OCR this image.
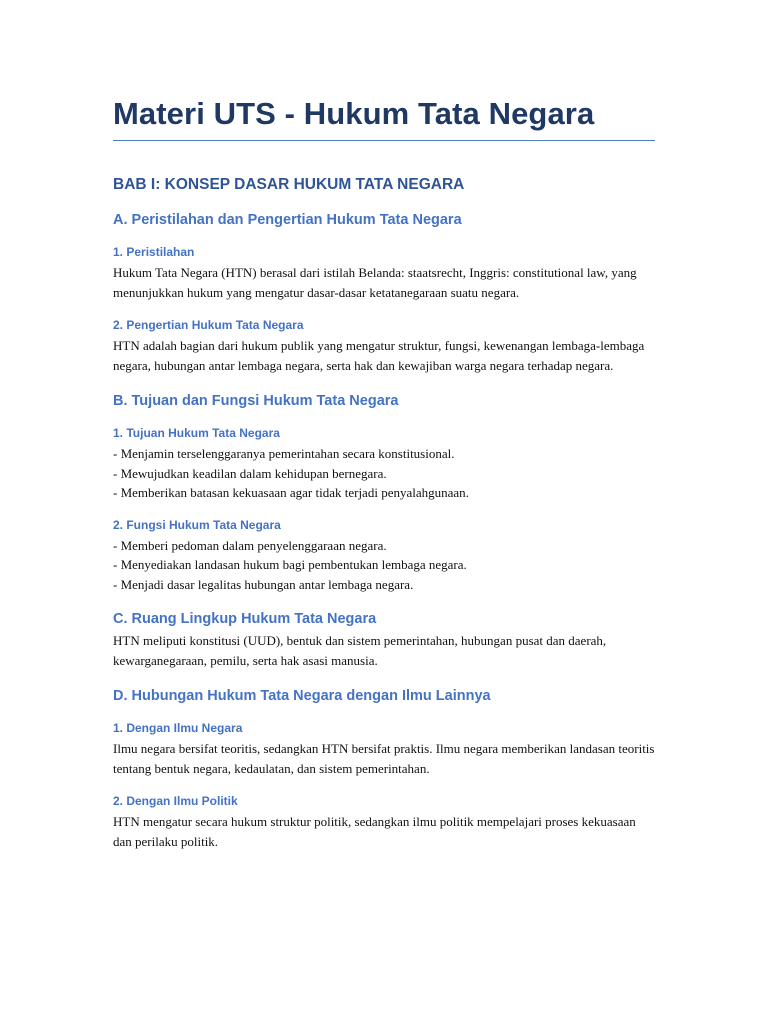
Materi UTS - Hukum Tata Negara
BAB I: KONSEP DASAR HUKUM TATA NEGARA
A. Peristilahan dan Pengertian Hukum Tata Negara
1. Peristilahan

Hukum Tata Negara (HTN) berasal dari istilah Belanda: staatsrecht, Inggris: constitutional law, yang menunjukkan hukum yang mengatur dasar-dasar ketatanegaraan suatu negara.

2. Pengertian Hukum Tata Negara

HTN adalah bagian dari hukum publik yang mengatur struktur, fungsi, kewenangan lembaga-lembaga negara, hubungan antar lembaga negara, serta hak dan kewajiban warga negara terhadap negara.

B. Tujuan dan Fungsi Hukum Tata Negara
1. Tujuan Hukum Tata Negara
- Menjamin terselenggaranya pemerintahan secara konstitusional.
- Mewujudkan keadilan dalam kehidupan bernegara.
- Memberikan batasan kekuasaan agar tidak terjadi penyalahgunaan.
2. Fungsi Hukum Tata Negara
- Memberi pedoman dalam penyelenggaraan negara.
- Menyediakan landasan hukum bagi pembentukan lembaga negara.
- Menjadi dasar legalitas hubungan antar lembaga negara.
C. Ruang Lingkup Hukum Tata Negara

HTN meliputi konstitusi (UUD), bentuk dan sistem pemerintahan, hubungan pusat dan daerah, kewarganegaraan, pemilu, serta hak asasi manusia.

D. Hubungan Hukum Tata Negara dengan Ilmu Lainnya
1. Dengan Ilmu Negara

Ilmu negara bersifat teoritis, sedangkan HTN bersifat praktis. Ilmu negara memberikan landasan teoritis tentang bentuk negara, kedaulatan, dan sistem pemerintahan.

2. Dengan Ilmu Politik

HTN mengatur secara hukum struktur politik, sedangkan ilmu politik mempelajari proses kekuasaan dan perilaku politik.
